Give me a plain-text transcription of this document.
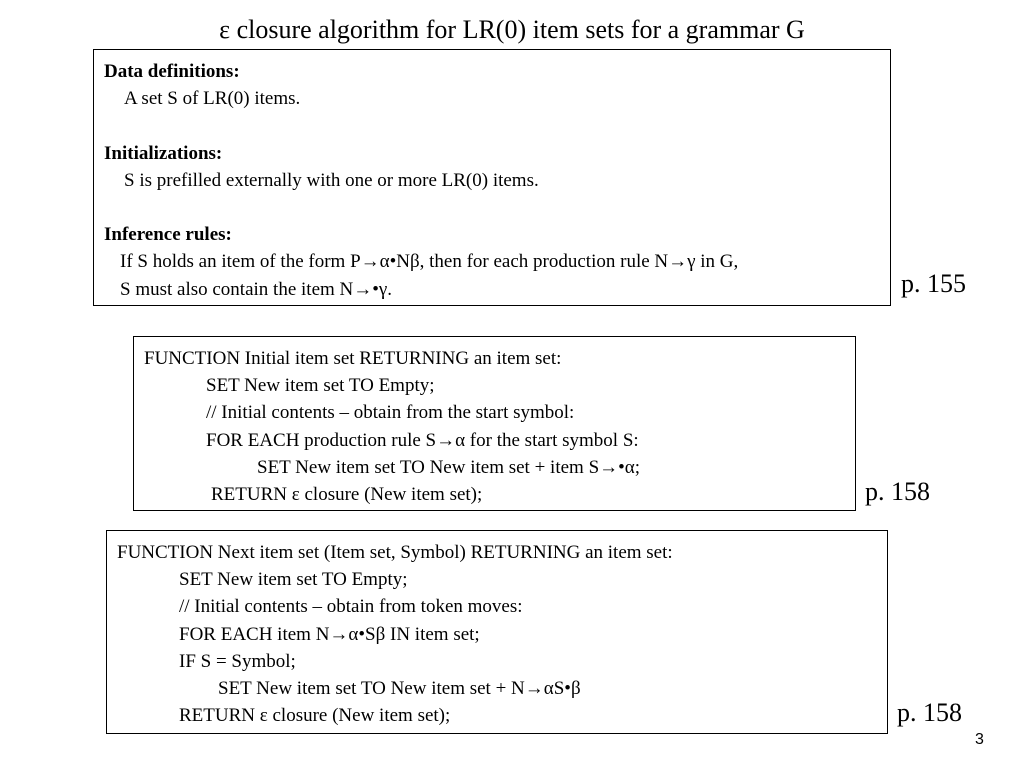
ε closure algorithm for LR(0) item sets for a grammar G
Data definitions:
A set S of LR(0) items.
Initializations:
S is prefilled externally with one or more LR(0) items.
Inference rules:
If S holds an item of the form P→α•Nβ, then for each production rule N→γ in G,
S must also contain the item N→•γ.	p. 155
FUNCTION Initial item set RETURNING an item set:
SET New item set TO Empty;
// Initial contents – obtain from the start symbol:
FOR EACH production rule S→α for the start symbol S:
SET New item set TO New item set + item S→•α;
RETURN ε closure (New item set);	p. 158
FUNCTION Next item set (Item set, Symbol) RETURNING an item set:
SET New item set TO Empty;
// Initial contents – obtain from token moves:
FOR EACH item N→α•Sβ IN item set;
IF S = Symbol;
SET New item set TO New item set + N→αS•β
RETURN ε closure (New item set);	p. 158
3
